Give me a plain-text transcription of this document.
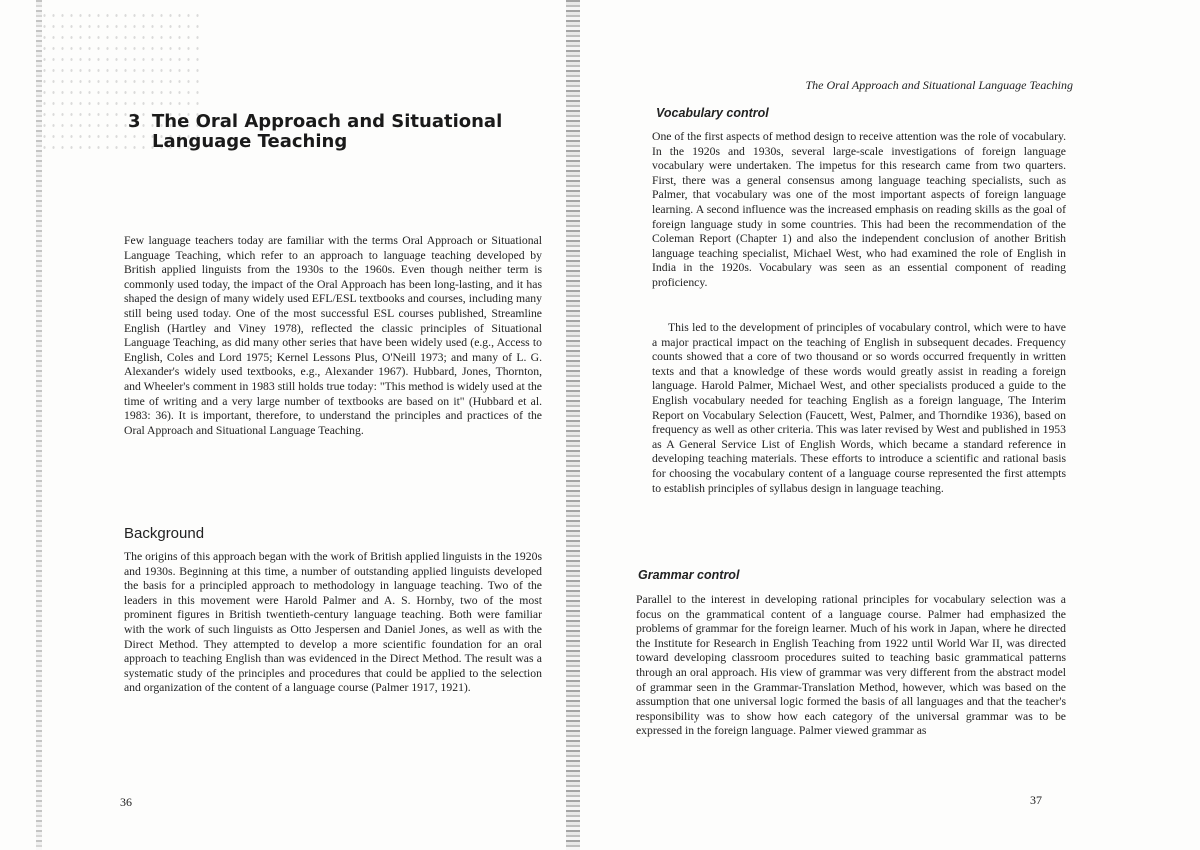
3 The Oral Approach and Situational
Language Teaching

Few language teachers today are familiar with the terms Oral Approach or Situational Language Teaching, which refer to an approach to language teaching developed by British applied linguists from the 1930s to the 1960s. Even though neither term is commonly used today, the impact of the Oral Approach has been long-lasting, and it has shaped the design of many widely used EFL/ESL textbooks and courses, including many still being used today. One of the most successful ESL courses published, Streamline English (Hartley and Viney 1978), reflected the classic principles of Situational Language Teaching, as did many other series that have been widely used (e.g., Access to English, Coles and Lord 1975; Kernel Lessons Plus, O'Neill 1973; and many of L. G. Alexander's widely used textbooks, e.g., Alexander 1967). Hubbard, Jones, Thornton, and Wheeler's comment in 1983 still holds true today: "This method is widely used at the time of writing and a very large number of textbooks are based on it" (Hubbard et al. 1983: 36). It is important, therefore, to understand the principles and practices of the Oral Approach and Situational Language Teaching.

Background

The origins of this approach began with the work of British applied linguists in the 1920s and 1930s. Beginning at this time, a number of outstanding applied linguists developed the basis for a principled approach to methodology in language teaching. Two of the leaders in this movement were Harold Palmer and A. S. Hornby, two of the most prominent figures in British twentieth-century language teaching. Both were familiar with the work of such linguists as Otto Jespersen and Daniel Jones, as well as with the Direct Method. They attempted to develop a more scientific foundation for an oral approach to teaching English than was evidenced in the Direct Method. The result was a systematic study of the principles and procedures that could be applied to the selection and organization of the content of a language course (Palmer 1917, 1921).

36
The Oral Approach and Situational Language Teaching
Vocabulary control

One of the first aspects of method design to receive attention was the role of vocabulary. In the 1920s and 1930s, several large-scale investigations of foreign language vocabulary were undertaken. The impetus for this research came from two quarters. First, there was a general consensus among language teaching specialists, such as Palmer, that vocabulary was one of the most important aspects of foreign language learning. A second influence was the increased emphasis on reading skills as the goal of foreign language study in some countries. This had been the recommendation of the Coleman Report (Chapter 1) and also the independent conclusion of another British language teaching specialist, Michael West, who had examined the role of English in India in the 1920s. Vocabulary was seen as an essential component of reading proficiency.

This led to the development of principles of vocabulary control, which were to have a major practical impact on the teaching of English in subsequent decades. Frequency counts showed that a core of two thousand or so words occurred frequently in written texts and that a knowledge of these words would greatly assist in reading a foreign language. Harold Palmer, Michael West, and other specialists produced a guide to the English vocabulary needed for teaching English as a foreign language, The Interim Report on Vocabulary Selection (Faucett, West, Palmer, and Thorndike 1936), based on frequency as well as other criteria. This was later revised by West and published in 1953 as A General Service List of English Words, which became a standard reference in developing teaching materials. These efforts to introduce a scientific and rational basis for choosing the vocabulary content of a language course represented the first attempts to establish principles of syllabus design in language teaching.

Grammar control

Parallel to the interest in developing rational principles for vocabulary selection was a focus on the grammatical content of a language course. Palmer had emphasized the problems of grammar for the foreign learner. Much of his work in Japan, where he directed the Institute for Research in English Teaching from 1922 until World War II, was directed toward developing classroom procedures suited to teaching basic grammatical patterns through an oral approach. His view of grammar was very different from the abstract model of grammar seen in the Grammar-Translation Method, however, which was based on the assumption that one universal logic formed the basis of all languages and that the teacher's responsibility was to show how each category of the universal grammar was to be expressed in the foreign language. Palmer viewed grammar as

37
